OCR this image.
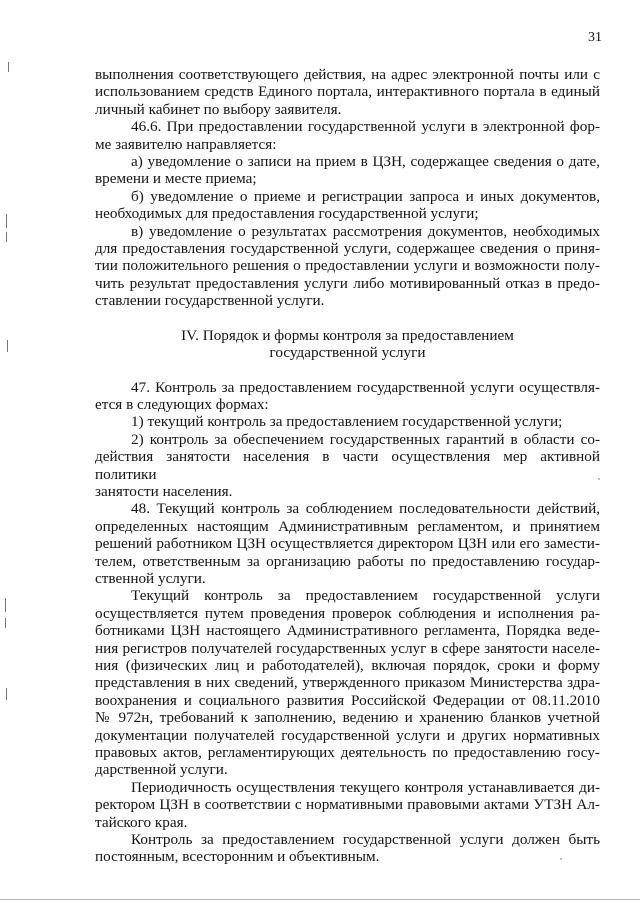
31

выполнения соответствующего действия, на адрес электронной почты или с

использованием средств Единого портала, интерактивного портала в единый

личный кабинет по выбору заявителя.

46.6. При предоставлении государственной услуги в электронной фор-

ме заявителю направляется:

а) уведомление о записи на прием в ЦЗН, содержащее сведения о дате,

времени и месте приема;

б) уведомление о приеме и регистрации запроса и иных документов,

необходимых для предоставления государственной услуги;

в) уведомление о результатах рассмотрения документов, необходимых

для предоставления государственной услуги, содержащее сведения о приня-

тии положительного решения о предоставлении услуги и возможности полу-

чить результат предоставления услуги либо мотивированный отказ в предо-

ставлении государственной услуги.

IV. Порядок и формы контроля за предоставлением
государственной услуги

47. Контроль за предоставлением государственной услуги осуществля-

ется в следующих формах:

1) текущий контроль за предоставлением государственной услуги;

2) контроль за обеспечением государственных гарантий в области со-

действия занятости населения в части осуществления мер активной политики

занятости населения.

48. Текущий контроль за соблюдением последовательности действий,

определенных настоящим Административным регламентом, и принятием

решений работником ЦЗН осуществляется директором ЦЗН или его замести-

телем, ответственным за организацию работы по предоставлению государ-

ственной услуги.

Текущий контроль за предоставлением государственной услуги

осуществляется путем проведения проверок соблюдения и исполнения ра-

ботниками ЦЗН настоящего Административного регламента, Порядка веде-

ния регистров получателей государственных услуг в сфере занятости населе-

ния (физических лиц и работодателей), включая порядок, сроки и форму

представления в них сведений, утвержденного приказом Министерства здра-

воохранения и социального развития Российской Федерации от 08.11.2010

№ 972н, требований к заполнению, ведению и хранению бланков учетной

документации получателей государственной услуги и других нормативных

правовых актов, регламентирующих деятельность по предоставлению госу-

дарственной услуги.

Периодичность осуществления текущего контроля устанавливается ди-

ректором ЦЗН в соответствии с нормативными правовыми актами УТЗН Ал-

тайского края.

Контроль за предоставлением государственной услуги должен быть

постоянным, всесторонним и объективным.
